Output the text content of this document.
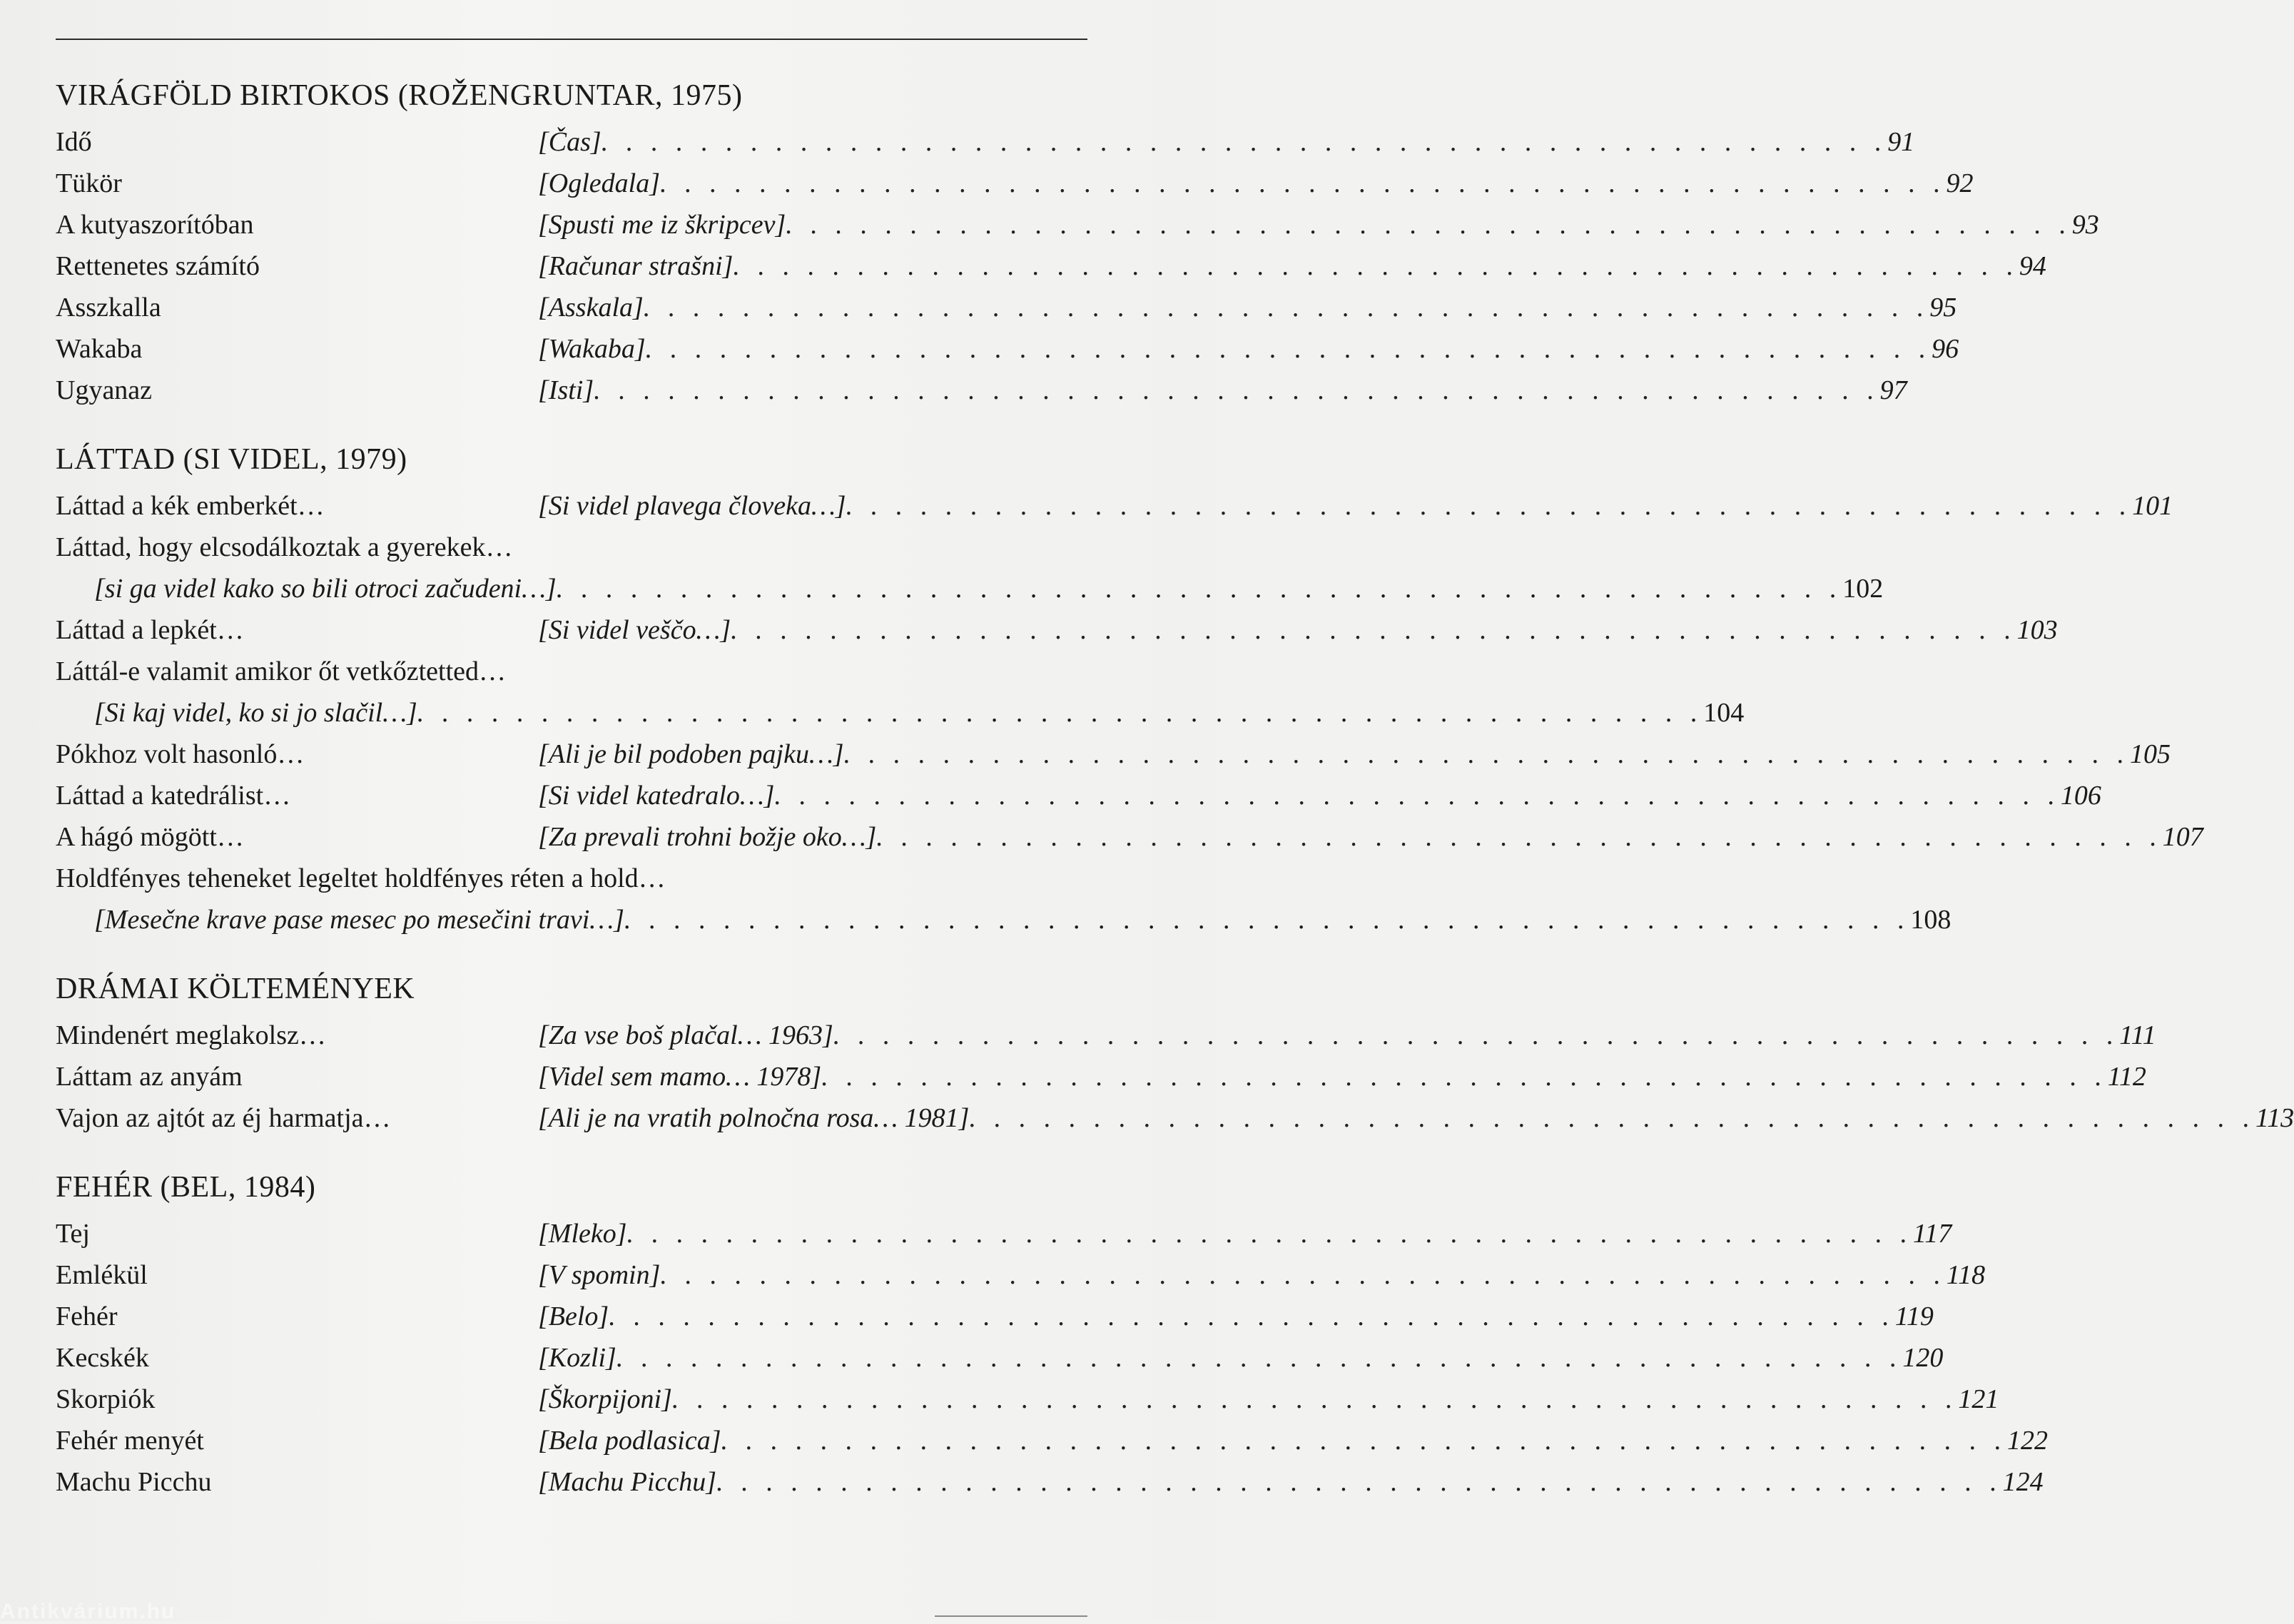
VIRÁGFÖLD BIRTOKOS (ROŽENGRUNTAR, 1975)
Idő	[Čas] . . . . . . . . . . . . . . . . . . . . . . . . . . . . . . . . . . . . . . . . . . . . . . . . . . . . 91
Tükör	[Ogledala] . . . . . . . . . . . . . . . . . . . . . . . . . . . . . . . . . . . . . . . . . . . . . . . . . . . . 92
A kutyaszorítóban	[Spusti me iz škripcev] . . . . . . . . . . . . . . . . . . . . . . . . . . . . . . . . . . . . . . . . . . . . . . . . . . . . 93
Rettenetes számító	[Računar strašni] . . . . . . . . . . . . . . . . . . . . . . . . . . . . . . . . . . . . . . . . . . . . . . . . . . . . 94
Asszkalla	[Asskala] . . . . . . . . . . . . . . . . . . . . . . . . . . . . . . . . . . . . . . . . . . . . . . . . . . . . 95
Wakaba	[Wakaba] . . . . . . . . . . . . . . . . . . . . . . . . . . . . . . . . . . . . . . . . . . . . . . . . . . . . 96
Ugyanaz	[Isti] . . . . . . . . . . . . . . . . . . . . . . . . . . . . . . . . . . . . . . . . . . . . . . . . . . . . 97
LÁTTAD (SI VIDEL, 1979)
Láttad a kék emberkét…	[Si videl plavega človeka…] . . . . . . . . . . . . . . . . . . . . . . . . . . . . . . . . . . . . . . . . . . . . . . . . . . . . 101
Láttad, hogy elcsodálkoztak a gyerekek…
[si ga videl kako so bili otroci začudeni…] . . . . . . . . . . . . . . . . . . . . . . . . . . . . . . . . . . . . . . . . . . . . . . . . . . . . 102
Láttad a lepkét…	[Si videl veščo…] . . . . . . . . . . . . . . . . . . . . . . . . . . . . . . . . . . . . . . . . . . . . . . . . . . . . 103
Láttál-e valamit amikor őt vetkőztetted…
[Si kaj videl, ko si jo slačil…] . . . . . . . . . . . . . . . . . . . . . . . . . . . . . . . . . . . . . . . . . . . . . . . . . . . . 104
Pókhoz volt hasonló…	[Ali je bil podoben pajku…] . . . . . . . . . . . . . . . . . . . . . . . . . . . . . . . . . . . . . . . . . . . . . . . . . . . . 105
Láttad a katedrálist…	[Si videl katedralo…] . . . . . . . . . . . . . . . . . . . . . . . . . . . . . . . . . . . . . . . . . . . . . . . . . . . . 106
A hágó mögött…	[Za prevali trohni božje oko…] . . . . . . . . . . . . . . . . . . . . . . . . . . . . . . . . . . . . . . . . . . . . . . . . . . . . 107
Holdfényes teheneket legeltet holdfényes réten a hold…
[Mesečne krave pase mesec po mesečini travi…] . . . . . . . . . . . . . . . . . . . . . . . . . . . . . . . . . . . . . . . . . . . . . . . . . . . . 108
DRÁMAI KÖLTEMÉNYEK
Mindenért meglakolsz…	[Za vse boš plačal… 1963] . . . . . . . . . . . . . . . . . . . . . . . . . . . . . . . . . . . . . . . . . . . . . . . . . . . . 111
Láttam az anyám	[Videl sem mamo… 1978] . . . . . . . . . . . . . . . . . . . . . . . . . . . . . . . . . . . . . . . . . . . . . . . . . . . . 112
Vajon az ajtót az éj harmatja…	[Ali je na vratih polnočna rosa… 1981] . . . . . . . . . . . . . . . . . . . . . . . . . . . . . . . . . . . . . . . . . . . . . . . . . . . . 113
FEHÉR (BEL, 1984)
Tej	[Mleko] . . . . . . . . . . . . . . . . . . . . . . . . . . . . . . . . . . . . . . . . . . . . . . . . . . . . 117
Emlékül	[V spomin] . . . . . . . . . . . . . . . . . . . . . . . . . . . . . . . . . . . . . . . . . . . . . . . . . . . . 118
Fehér	[Belo] . . . . . . . . . . . . . . . . . . . . . . . . . . . . . . . . . . . . . . . . . . . . . . . . . . . . 119
Kecskék	[Kozli] . . . . . . . . . . . . . . . . . . . . . . . . . . . . . . . . . . . . . . . . . . . . . . . . . . . . 120
Skorpiók	[Škorpijoni] . . . . . . . . . . . . . . . . . . . . . . . . . . . . . . . . . . . . . . . . . . . . . . . . . . . . 121
Fehér menyét	[Bela podlasica] . . . . . . . . . . . . . . . . . . . . . . . . . . . . . . . . . . . . . . . . . . . . . . . . . . . . 122
Machu Picchu	[Machu Picchu] . . . . . . . . . . . . . . . . . . . . . . . . . . . . . . . . . . . . . . . . . . . . . . . . . . . . 124
Antikvárium.hu
